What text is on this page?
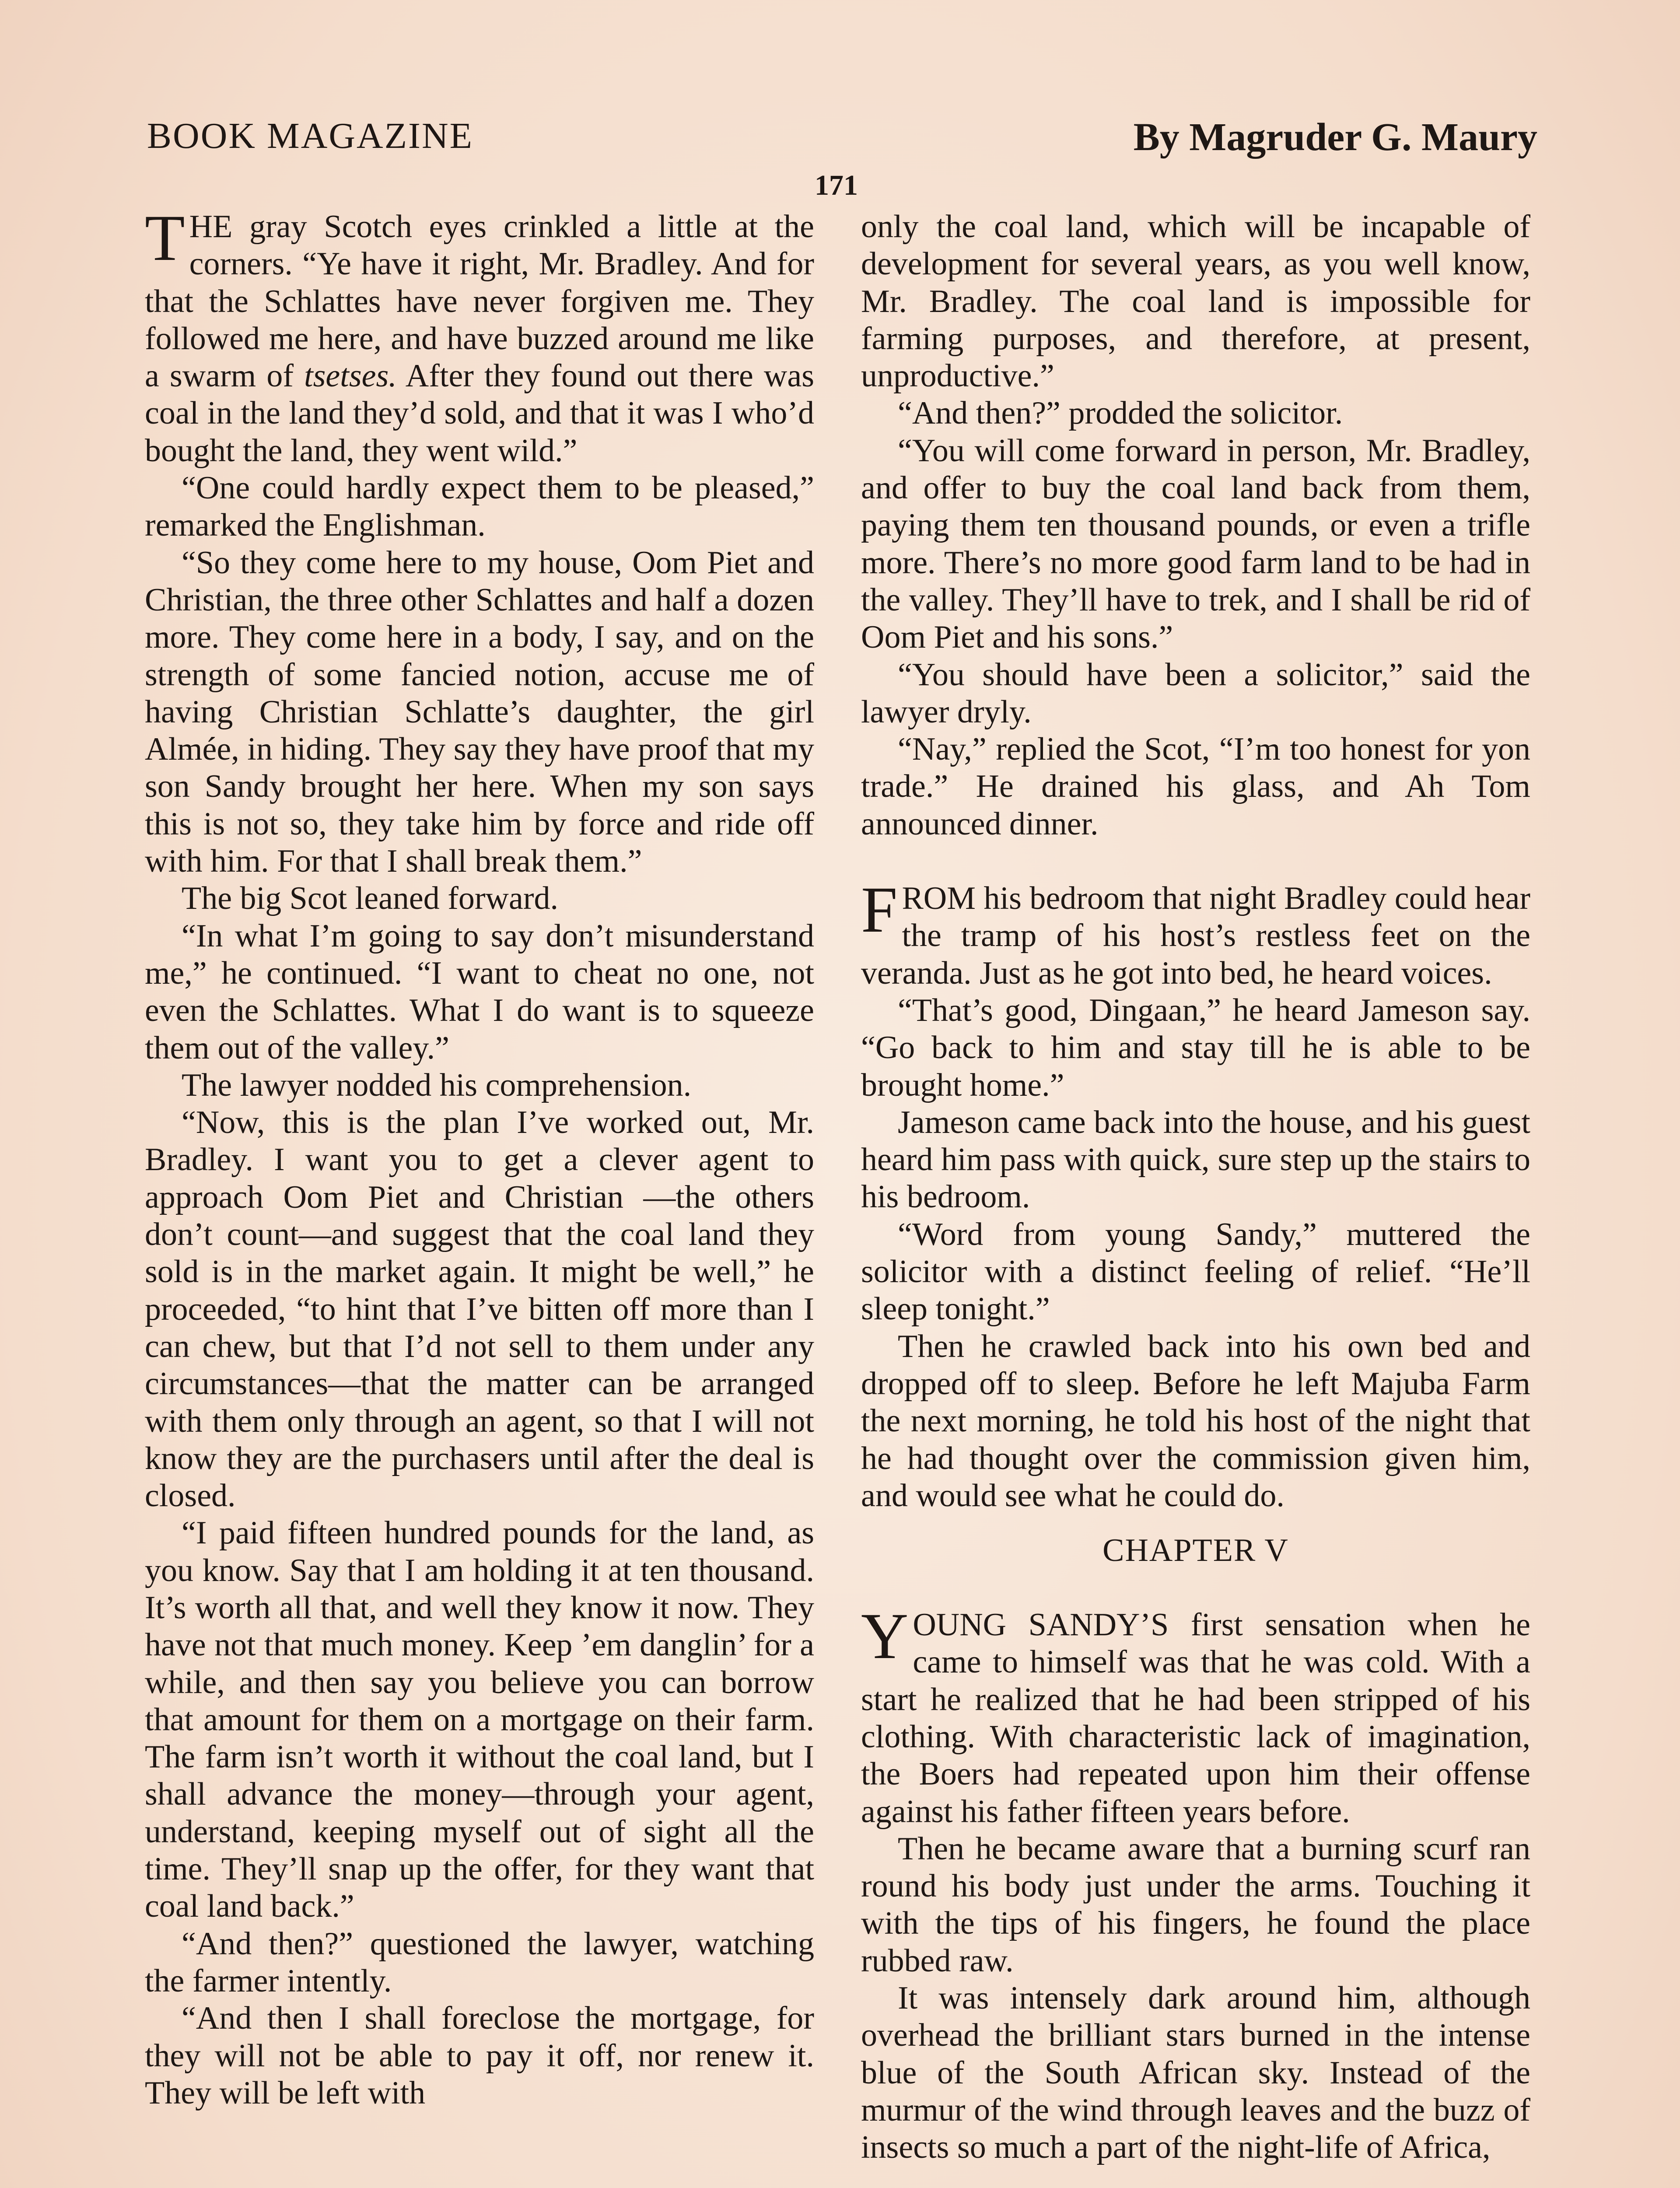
BOOK MAGAZINE	By Magruder G. Maury
171

THE gray Scotch eyes crinkled a little at the corners. “Ye have it right, Mr. Bradley. And for that the Schlattes have never forgiven me. They followed me here, and have buzzed around me like a swarm of tsetses. After they found out there was coal in the land they’d sold, and that it was I who’d bought the land, they went wild.”

“One could hardly expect them to be pleased,” remarked the Englishman.

“So they come here to my house, Oom Piet and Christian, the three other Schlattes and half a dozen more. They come here in a body, I say, and on the strength of some fancied notion, accuse me of having Christian Schlatte’s daughter, the girl Almée, in hiding. They say they have proof that my son Sandy brought her here. When my son says this is not so, they take him by force and ride off with him. For that I shall break them.”

The big Scot leaned forward.

“In what I’m going to say don’t misunderstand me,” he continued. “I want to cheat no one, not even the Schlattes. What I do want is to squeeze them out of the valley.”

The lawyer nodded his comprehension.

“Now, this is the plan I’ve worked out, Mr. Bradley. I want you to get a clever agent to approach Oom Piet and Christian —the others don’t count—and suggest that the coal land they sold is in the market again. It might be well,” he proceeded, “to hint that I’ve bitten off more than I can chew, but that I’d not sell to them under any circumstances—that the matter can be arranged with them only through an agent, so that I will not know they are the purchasers until after the deal is closed.

“I paid fifteen hundred pounds for the land, as you know. Say that I am holding it at ten thousand. It’s worth all that, and well they know it now. They have not that much money. Keep ’em danglin’ for a while, and then say you believe you can borrow that amount for them on a mortgage on their farm. The farm isn’t worth it without the coal land, but I shall advance the money—through your agent, understand, keeping myself out of sight all the time. They’ll snap up the offer, for they want that coal land back.”

“And then?” questioned the lawyer, watching the farmer intently.

“And then I shall foreclose the mortgage, for they will not be able to pay it off, nor renew it. They will be left with

only the coal land, which will be incapable of development for several years, as you well know, Mr. Bradley. The coal land is impossible for farming purposes, and therefore, at present, unproductive.”

“And then?” prodded the solicitor.

“You will come forward in person, Mr. Bradley, and offer to buy the coal land back from them, paying them ten thousand pounds, or even a trifle more. There’s no more good farm land to be had in the valley. They’ll have to trek, and I shall be rid of Oom Piet and his sons.”

“You should have been a solicitor,” said the lawyer dryly.

“Nay,” replied the Scot, “I’m too honest for yon trade.” He drained his glass, and Ah Tom announced dinner.

FROM his bedroom that night Bradley could hear the tramp of his host’s restless feet on the veranda. Just as he got into bed, he heard voices.

“That’s good, Dingaan,” he heard Jameson say. “Go back to him and stay till he is able to be brought home.”

Jameson came back into the house, and his guest heard him pass with quick, sure step up the stairs to his bedroom.

“Word from young Sandy,” muttered the solicitor with a distinct feeling of relief. “He’ll sleep tonight.”

Then he crawled back into his own bed and dropped off to sleep. Before he left Majuba Farm the next morning, he told his host of the night that he had thought over the commission given him, and would see what he could do.

CHAPTER V

YOUNG SANDY’S first sensation when he came to himself was that he was cold. With a start he realized that he had been stripped of his clothing. With characteristic lack of imagination, the Boers had repeated upon him their offense against his father fifteen years before.

Then he became aware that a burning scurf ran round his body just under the arms. Touching it with the tips of his fingers, he found the place rubbed raw.

It was intensely dark around him, although overhead the brilliant stars burned in the intense blue of the South African sky. Instead of the murmur of the wind through leaves and the buzz of insects so much a part of the night-life of Africa,
